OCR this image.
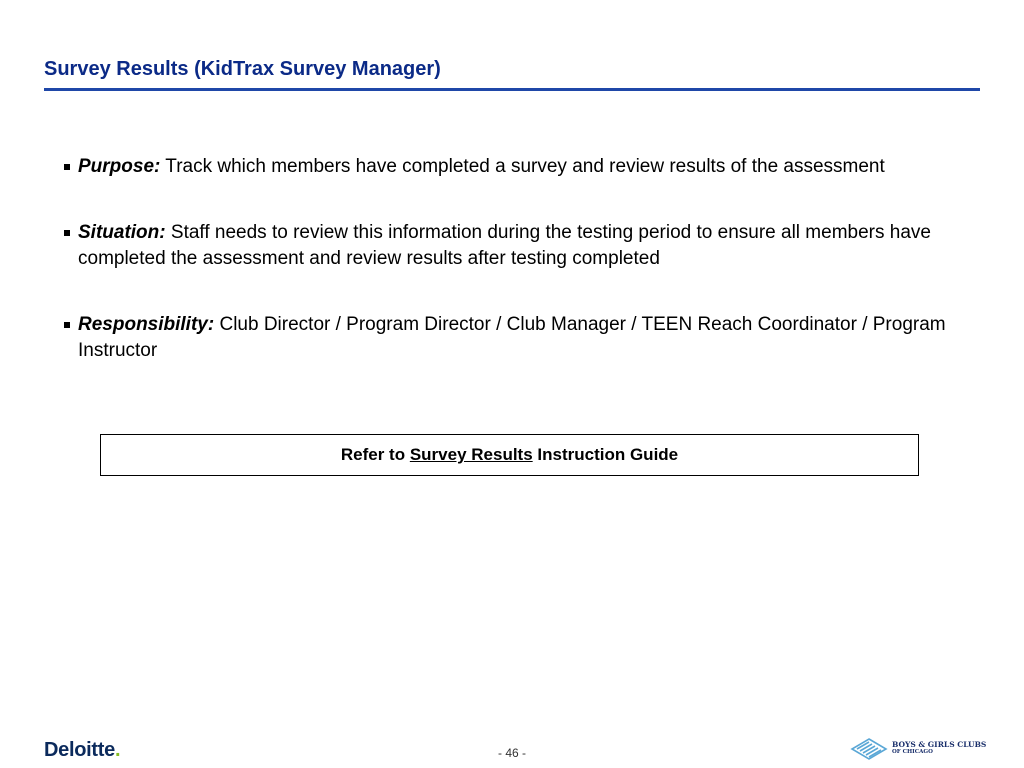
Survey Results (KidTrax Survey Manager)
Purpose: Track which members have completed a survey and review results of the assessment
Situation: Staff needs to review this information during the testing period to ensure all members have completed the assessment and review results after testing completed
Responsibility: Club Director / Program Director / Club Manager / TEEN Reach Coordinator / Program Instructor
Refer to
Survey Results
Instruction Guide
Deloitte.	- 46 -
BOYS & GIRLS CLUBS
OF CHICAGO
